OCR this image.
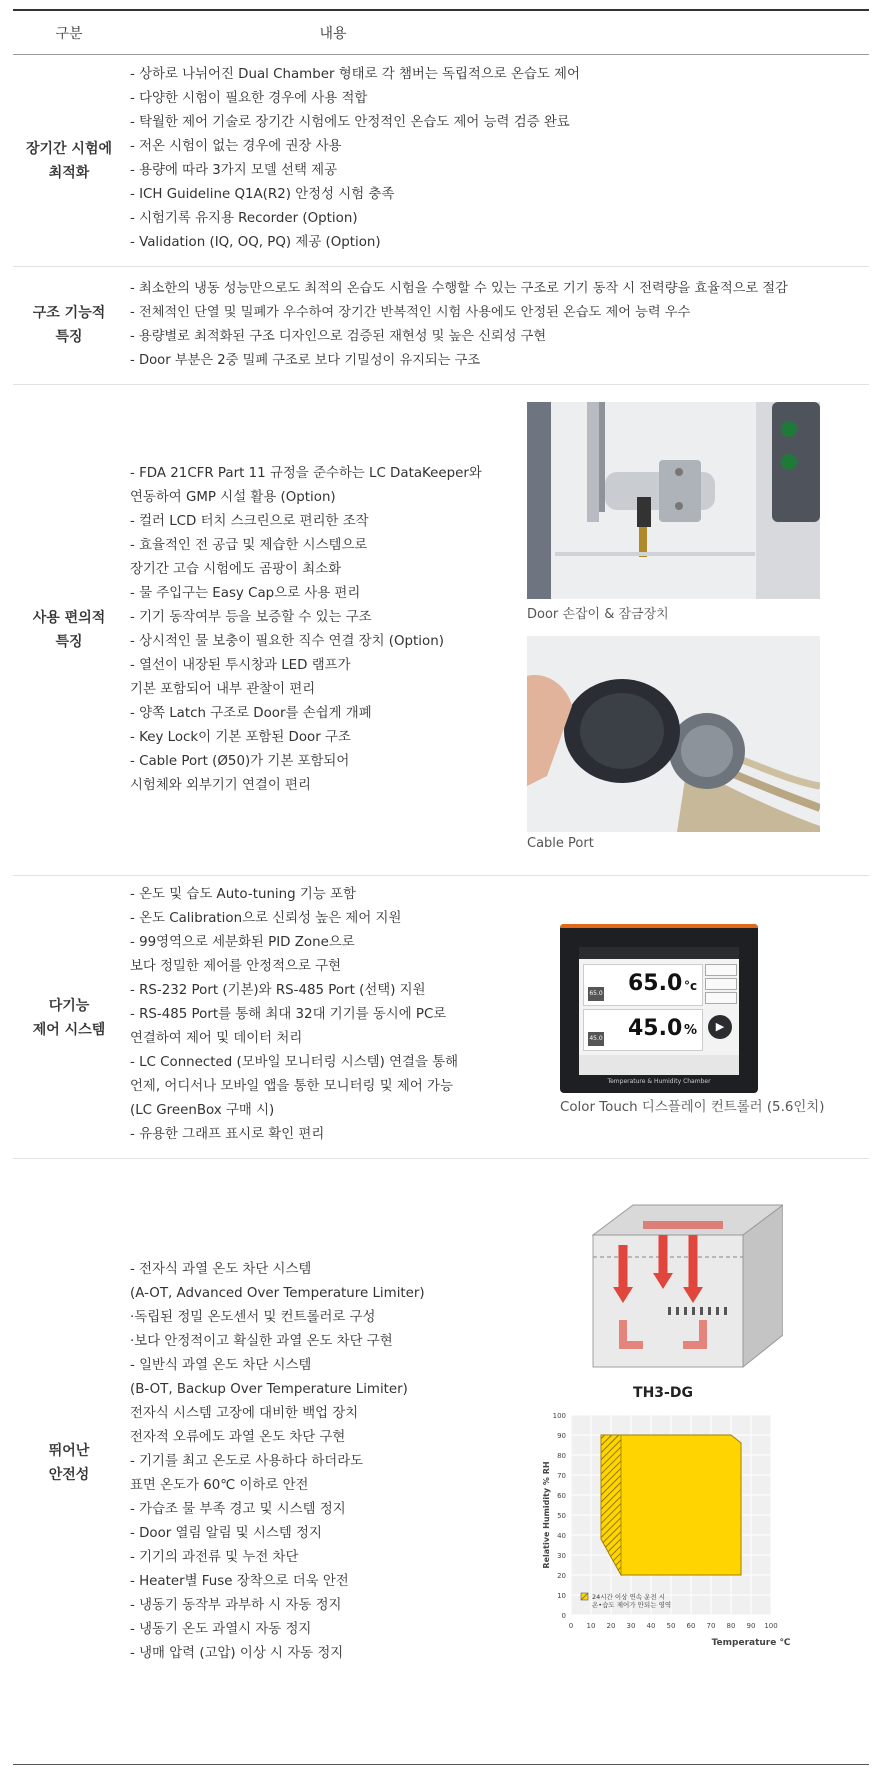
구분	내용
장기간 시험에
최적화
- 상하로 나뉘어진 Dual Chamber 형태로 각 챔버는 독립적으로 온습도 제어
- 다양한 시험이 필요한 경우에 사용 적합
- 탁월한 제어 기술로 장기간 시험에도 안정적인 온습도 제어 능력 검증 완료
- 저온 시험이 없는 경우에 권장 사용
- 용량에 따라 3가지 모델 선택 제공
- ICH Guideline Q1A(R2) 안정성 시험 충족
- 시험기록 유지용 Recorder (Option)
- Validation (IQ, OQ, PQ) 제공 (Option)
구조 기능적
특징
- 최소한의 냉동 성능만으로도 최적의 온습도 시험을 수행할 수 있는 구조로 기기 동작 시 전력량을 효율적으로 절감
- 전체적인 단열 및 밀폐가 우수하여 장기간 반복적인 시험 사용에도 안정된 온습도 제어 능력 우수
- 용량별로 최적화된 구조 디자인으로 검증된 재현성 및 높은 신뢰성 구현
- Door 부분은 2중 밀폐 구조로 보다 기밀성이 유지되는 구조
사용 편의적
특징
- FDA 21CFR Part 11 규정을 준수하는 LC DataKeeper와
연동하여 GMP 시설 활용 (Option)
- 컬러 LCD 터치 스크린으로 편리한 조작
- 효율적인 전 공급 및 제습한 시스템으로
장기간 고습 시험에도 곰팡이 최소화
- 물 주입구는 Easy Cap으로 사용 편리
- 기기 동작여부 등을 보증할 수 있는 구조
- 상시적인 물 보충이 필요한 직수 연결 장치 (Option)
- 열선이 내장된 투시창과 LED 램프가
기본 포함되어 내부 관찰이 편리
- 양쪽 Latch 구조로 Door를 손쉽게 개폐
- Key Lock이 기본 포함된 Door 구조
- Cable Port (Ø50)가 기본 포함되어
시험체와 외부기기 연결이 편리
Door 손잡이 & 잠금장치
Cable Port
다기능
제어 시스템
- 온도 및 습도 Auto-tuning 기능 포함
- 온도 Calibration으로 신뢰성 높은 제어 지원
- 99영역으로 세분화된 PID Zone으로
보다 정밀한 제어를 안정적으로 구현
- RS-232 Port (기본)와 RS-485 Port (선택) 지원
- RS-485 Port를 통해 최대 32대 기기를 동시에 PC로
연결하여 제어 및 데이터 처리
- LC Connected (모바일 모니터링 시스템) 연결을 통해
언제, 어디서나 모바일 앱을 통한 모니터링 및 제어 가능
(LC GreenBox 구매 시)
- 유용한 그래프 표시로 확인 편리
65.0 65.0 °c
45.0 45.0 %	▶
Temperature & Humidity Chamber
Color Touch 디스플레이 컨트롤러 (5.6인치)
뛰어난
안전성
- 전자식 과열 온도 차단 시스템
(A-OT, Advanced Over Temperature Limiter)
·독립된 정밀 온도센서 및 컨트롤러로 구성
·보다 안정적이고 확실한 과열 온도 차단 구현
- 일반식 과열 온도 차단 시스템
(B-OT, Backup Over Temperature Limiter)
전자식 시스템 고장에 대비한 백업 장치
전자적 오류에도 과열 온도 차단 구현
- 기기를 최고 온도로 사용하다 하더라도
표면 온도가 60℃ 이하로 안전
- 가습조 물 부족 경고 및 시스템 정지
- Door 열림 알림 및 시스템 정지
- 기기의 과전류 및 누전 차단
- Heater별 Fuse 장착으로 더욱 안전
- 냉동기 동작부 과부하 시 자동 정지
- 냉동기 온도 과열시 자동 정지
- 냉매 압력 (고압) 이상 시 자동 정지
TH3-DG
0 10 20 30 40 50 60 70 80 90 100
0
10
20
30
40
50
60
70
80
90
100
24시간 이상 연속 운전 시
온•습도 제어가 안되는 영역
Temperature ℃
Relative Humidity % RH
